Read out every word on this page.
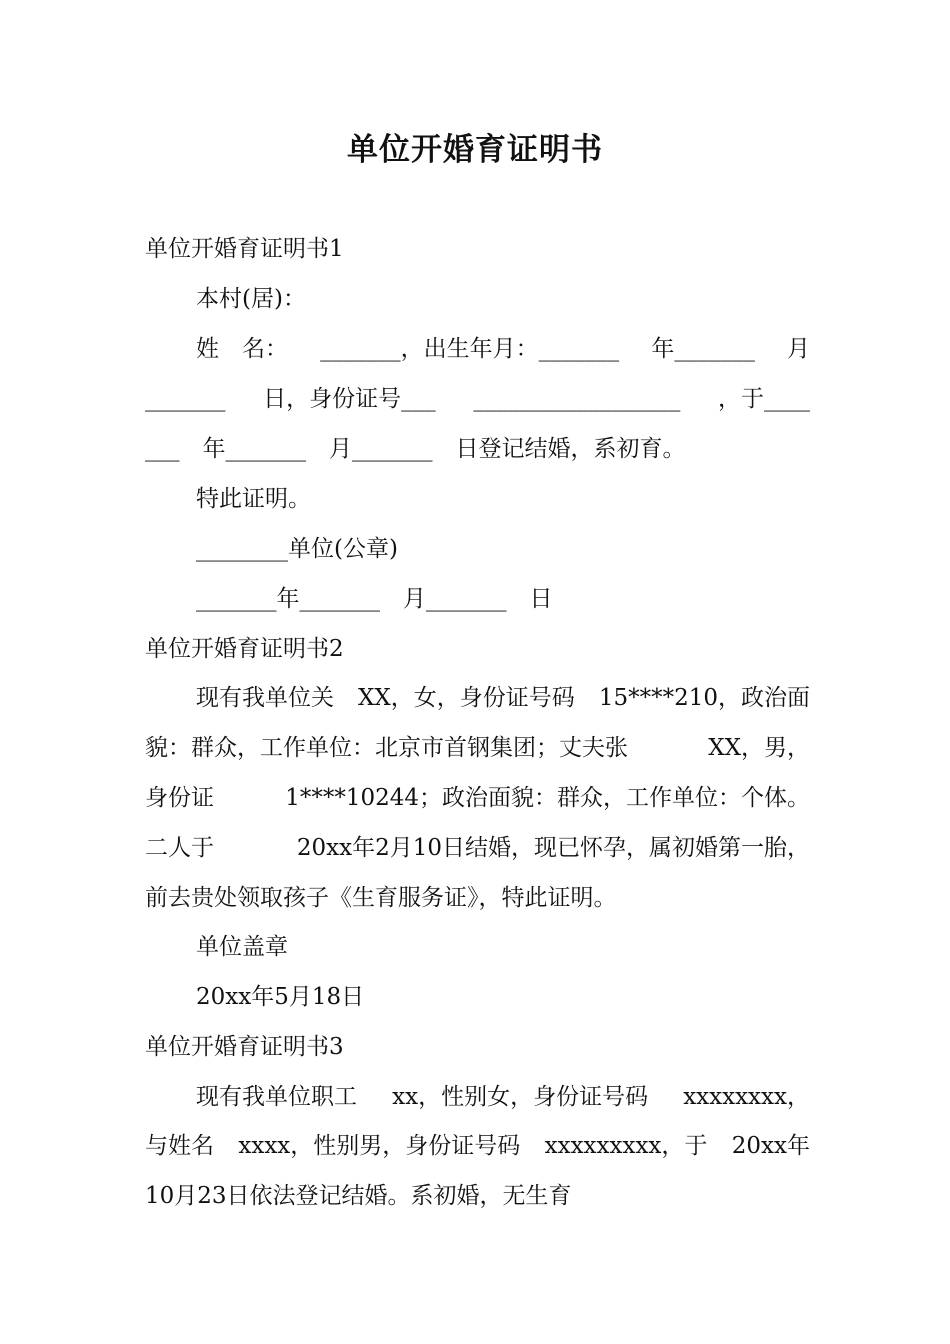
单位开婚育证明书
单位开婚育证明书1
本村(居)：
姓　名： _______，出生年月：_______ 年_______ 月
_______ 日，身份证号___ __________________ ，于____
___　年_______　月_______　日登记结婚，系初育。
特此证明。
________单位(公章)
_______年_______　月_______　日
单位开婚育证明书2
现有我单位关 XX，女，身份证号码 15****210，政治面
貌：群众，工作单位：北京市首钢集团；丈夫张	XX，男，
身份证	1****10244；政治面貌：群众，工作单位：个体。
二人于	20xx年2月10日结婚，现已怀孕，属初婚第一胎，
前去贵处领取孩子《生育服务证》，特此证明。
单位盖章
20xx年5月18日
单位开婚育证明书3
现有我单位职工 xx，性别女，身份证号码 xxxxxxxx，
与姓名 xxxx，性别男，身份证号码 xxxxxxxxx，于 20xx年
10月23日依法登记结婚。系初婚，无生育
